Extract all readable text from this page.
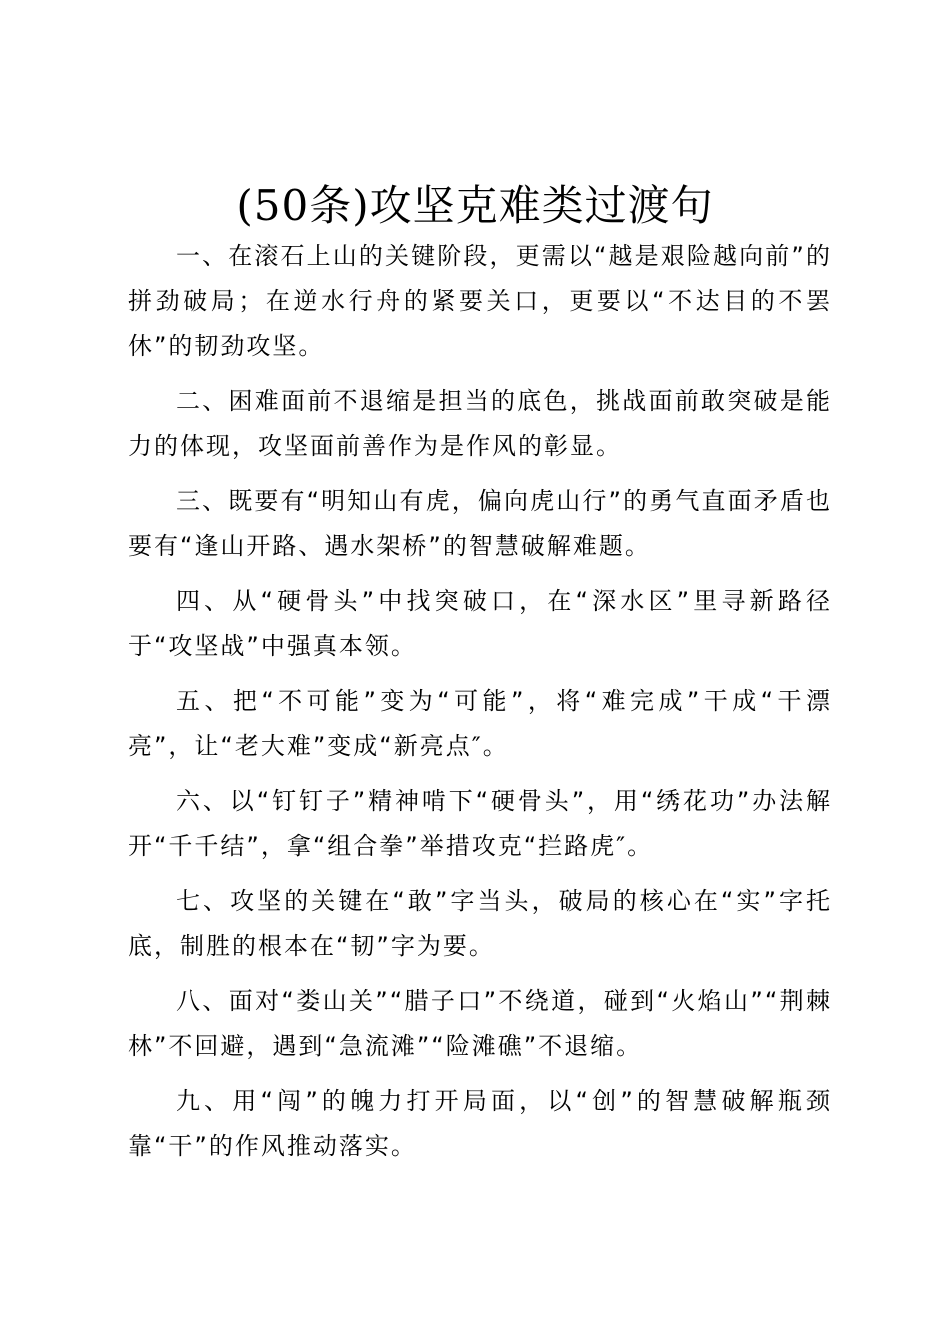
(50条)攻坚克难类过渡句

一、在滚石上山的关键阶段，更需以“越是艰险越向前”的拼劲破局；在逆水行舟的紧要关口，更要以“不达目的不罢休”的韧劲攻坚。

二、困难面前不退缩是担当的底色，挑战面前敢突破是能力的体现，攻坚面前善作为是作风的彰显。

三、既要有“明知山有虎，偏向虎山行”的勇气直面矛盾也要有“逢山开路、遇水架桥”的智慧破解难题。

四、从“硬骨头”中找突破口，在“深水区”里寻新路径于“攻坚战”中强真本领。

五、把“不可能”变为“可能”，将“难完成”干成“干漂亮”，让“老大难”变成“新亮点″。

六、以“钉钉子”精神啃下“硬骨头”，用“绣花功”办法解开“千千结”，拿“组合拳”举措攻克“拦路虎″。

七、攻坚的关键在“敢”字当头，破局的核心在“实”字托底，制胜的根本在“韧”字为要。

八、面对“娄山关”“腊子口”不绕道，碰到“火焰山”“荆棘林”不回避，遇到“急流滩”“险滩礁”不退缩。

九、用“闯”的魄力打开局面，以“创”的智慧破解瓶颈靠“干”的作风推动落实。
